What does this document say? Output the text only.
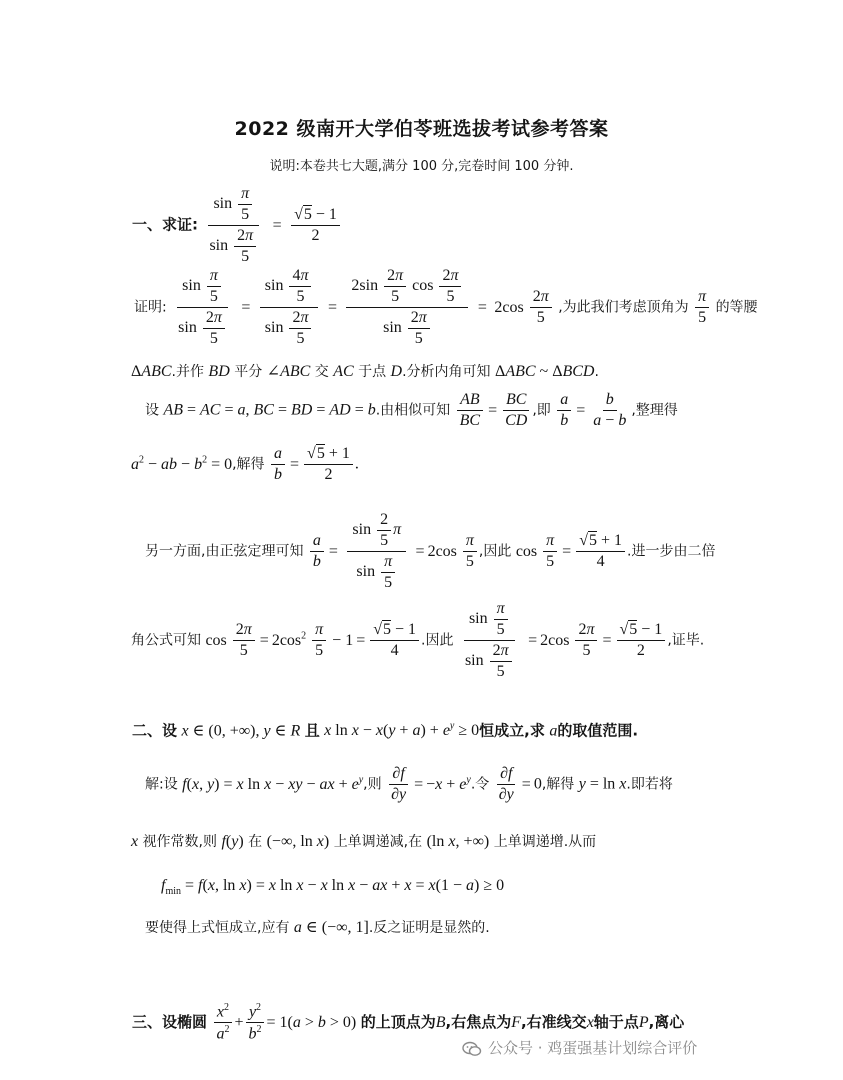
2022 级南开大学伯苓班选拔考试参考答案
说明:本卷共七大题,满分 100 分,完卷时间 100 分钟.
一、求证: $\frac{\sin \frac{\pi}{5}}{\sin \frac{2\pi}{5}} = \frac{√5 - 1}{2}$
证明: $\frac{\sin \frac{\pi}{5}}{\sin \frac{2\pi}{5}} = \frac{\sin \frac{4\pi}{5}}{\sin \frac{2\pi}{5}} = \frac{2\sin \frac{2\pi}{5} \cos \frac{2\pi}{5}}{\sin \frac{2\pi}{5}} = 2\cos \frac{2\pi}{5}$ ,为此我们考虑顶角为 $\frac{\pi}{5}$ 的等腰
ΔABC.并作 BD 平分 ∠ABC 交 AC 于点 D.分析内角可知 ΔABC ~ ΔBCD.
设 AB = AC = a, BC = BD = AD = b.由相似可知 $\frac{AB}{BC} = \frac{BC}{CD}$ ,即 $\frac{a}{b} = \frac{b}{a - b}$ ,整理得
$a^2$ − ab − $b^2 = 0$,解得 $\frac{a}{b} = \frac{√5 + 1}{2}$ .
另一方面,由正弦定理可知 $\frac{a}{b} = \frac{\sin \frac{2}{5} \pi}{\sin \frac{\pi}{5}} = 2\cos \frac{\pi}{5}$ ,因此 $\cos \frac{\pi}{5} = \frac{√5 + 1}{4}$ .进一步由二倍
角公式可知 $\cos \frac{2\pi}{5} = 2\cos^2 \frac{\pi}{5} - 1 = \frac{√5 - 1}{4}$ .因此 $\frac{\sin \frac{\pi}{5}}{\sin \frac{2\pi}{5}} = 2\cos \frac{2\pi}{5} = \frac{√5 - 1}{2}$ ,证毕.
二、设 x ∈ (0, +∞), y ∈ R 且 x $\ln x - x(y + a) + e^y \ge 0$恒成立,求 a的取值范围.
解:设 f(x, y) = x ln x − xy − ax + $e^y$,则 $\frac{\partial f}{\partial y} = -x + e^y$.令 $\frac{\partial f}{\partial y} = 0$,解得 y = ln x.即若将
x 视作常数,则 f(y) 在 (−∞, ln x) 上单调递减,在 (ln x, +∞) 上单调递增.从而
$f_{min} = f(x$, ln x) = x ln x − x ln x − ax + x = x(1 − a) ≥ 0
要使得上式恒成立,应有 a ∈ (−∞, 1].反之证明是显然的.
三、设椭圆 $\frac{x^2}{a^2} + \frac{y^2}{b^2} = 1(a > b > 0)$ 的上顶点为B,右焦点为F,右准线交x轴于点P,离心
公众号 · 鸡蛋强基计划综合评价
